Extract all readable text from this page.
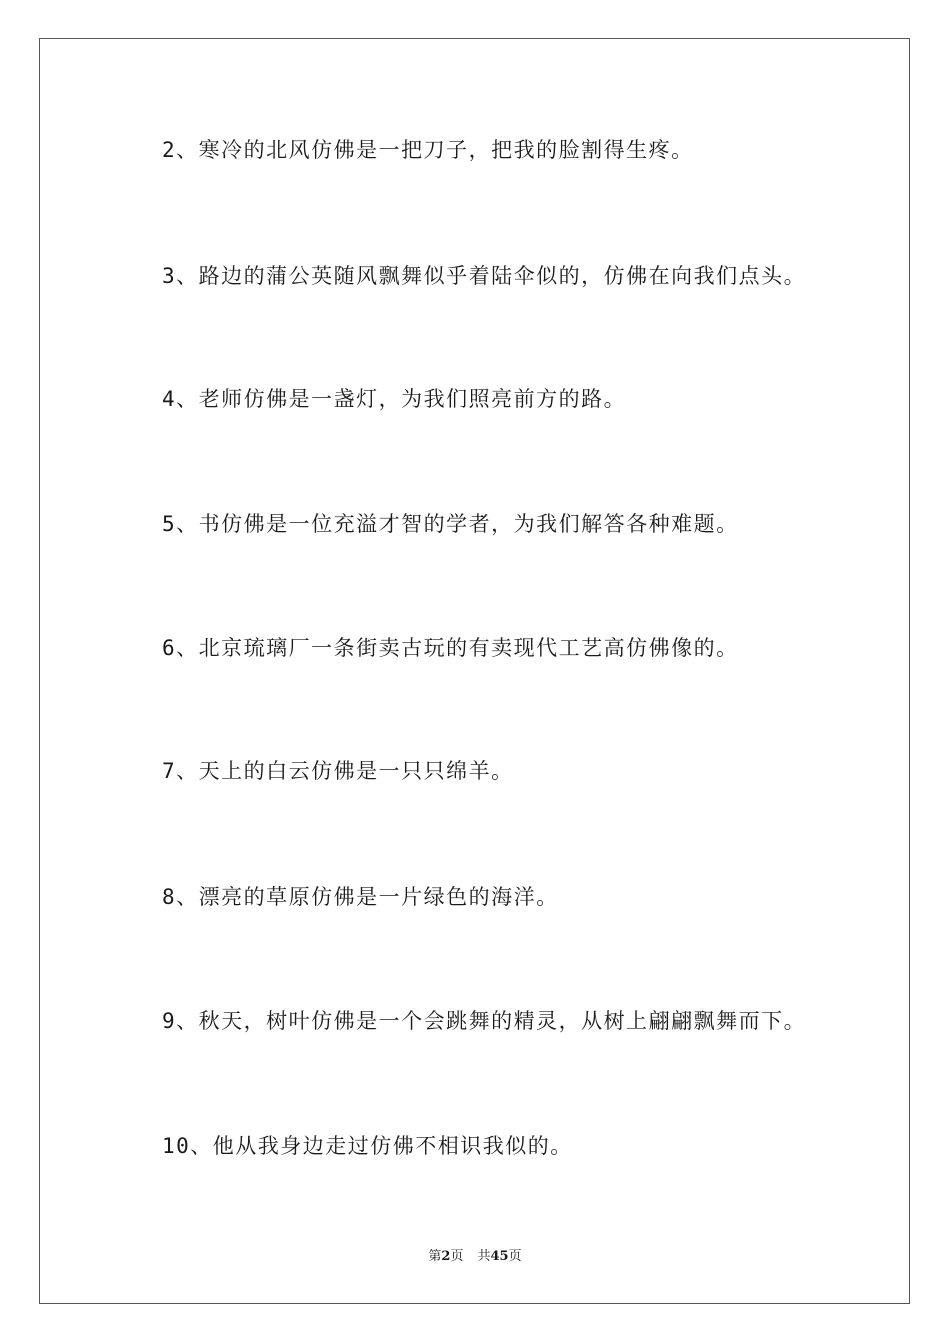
2、寒冷的北风仿佛是一把刀子，把我的脸割得生疼。
3、路边的蒲公英随风飘舞似乎着陆伞似的，仿佛在向我们点头。
4、老师仿佛是一盏灯，为我们照亮前方的路。
5、书仿佛是一位充溢才智的学者，为我们解答各种难题。
6、北京琉璃厂一条街卖古玩的有卖现代工艺高仿佛像的。
7、天上的白云仿佛是一只只绵羊。
8、漂亮的草原仿佛是一片绿色的海洋。
9、秋天，树叶仿佛是一个会跳舞的精灵，从树上翩翩飘舞而下。
10、他从我身边走过仿佛不相识我似的。
第2页 共45页
